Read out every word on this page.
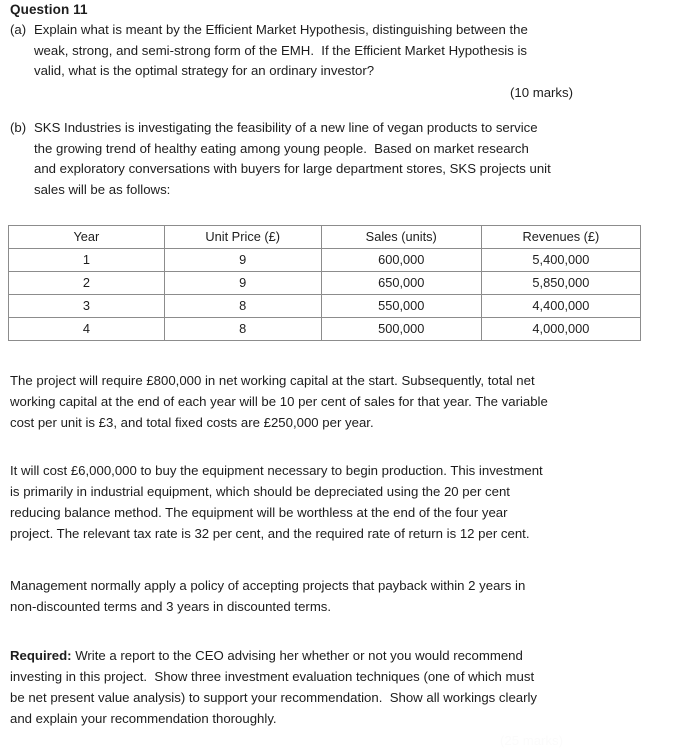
Question 11
(a) Explain what is meant by the Efficient Market Hypothesis, distinguishing between the
weak, strong, and semi-strong form of the EMH.  If the Efficient Market Hypothesis is
valid, what is the optimal strategy for an ordinary investor?
(10 marks)
(b) SKS Industries is investigating the feasibility of a new line of vegan products to service
the growing trend of healthy eating among young people.  Based on market research
and exploratory conversations with buyers for large department stores, SKS projects unit
sales will be as follows:
Year	Unit Price (£)	Sales (units)	Revenues (£)
1	9	600,000	5,400,000
2	9	650,000	5,850,000
3	8	550,000	4,400,000
4	8	500,000	4,000,000
The project will require £800,000 in net working capital at the start. Subsequently, total net
working capital at the end of each year will be 10 per cent of sales for that year. The variable
cost per unit is £3, and total fixed costs are £250,000 per year.
It will cost £6,000,000 to buy the equipment necessary to begin production. This investment
is primarily in industrial equipment, which should be depreciated using the 20 per cent
reducing balance method. The equipment will be worthless at the end of the four year
project. The relevant tax rate is 32 per cent, and the required rate of return is 12 per cent.
Management normally apply a policy of accepting projects that payback within 2 years in
non-discounted terms and 3 years in discounted terms.
Required: Write a report to the CEO advising her whether or not you would recommend
investing in this project.  Show three investment evaluation techniques (one of which must
be net present value analysis) to support your recommendation.  Show all workings clearly
and explain your recommendation thoroughly.
(25 marks)
